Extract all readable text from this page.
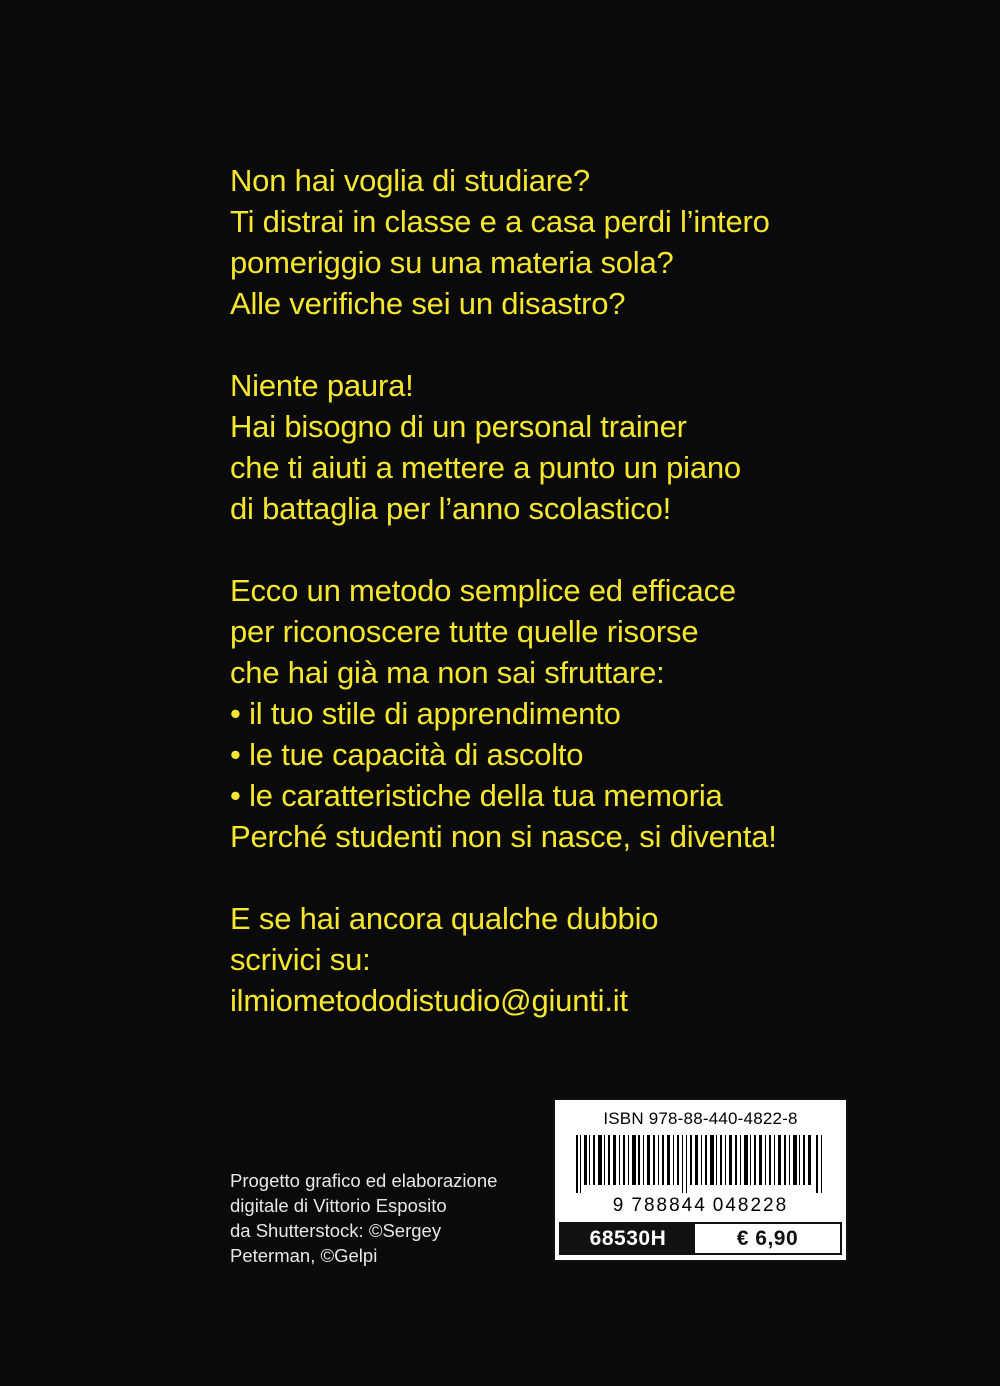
Non hai voglia di studiare?

Ti distrai in classe e a casa perdi l’intero

pomeriggio su una materia sola?

Alle verifiche sei un disastro?

Niente paura!

Hai bisogno di un personal trainer

che ti aiuti a mettere a punto un piano

di battaglia per l’anno scolastico!

Ecco un metodo semplice ed efficace

per riconoscere tutte quelle risorse

che hai già ma non sai sfruttare:

• il tuo stile di apprendimento

• le tue capacità di ascolto

• le caratteristiche della tua memoria

Perché studenti non si nasce, si diventa!

E se hai ancora qualche dubbio

scrivici su:

ilmiometododistudio@giunti.it

Progetto grafico ed elaborazione

digitale di Vittorio Esposito

da Shutterstock: ©Sergey

Peterman, ©Gelpi

ISBN 978-88-440-4822-8
9 788844 048228
68530H	€ 6,90
